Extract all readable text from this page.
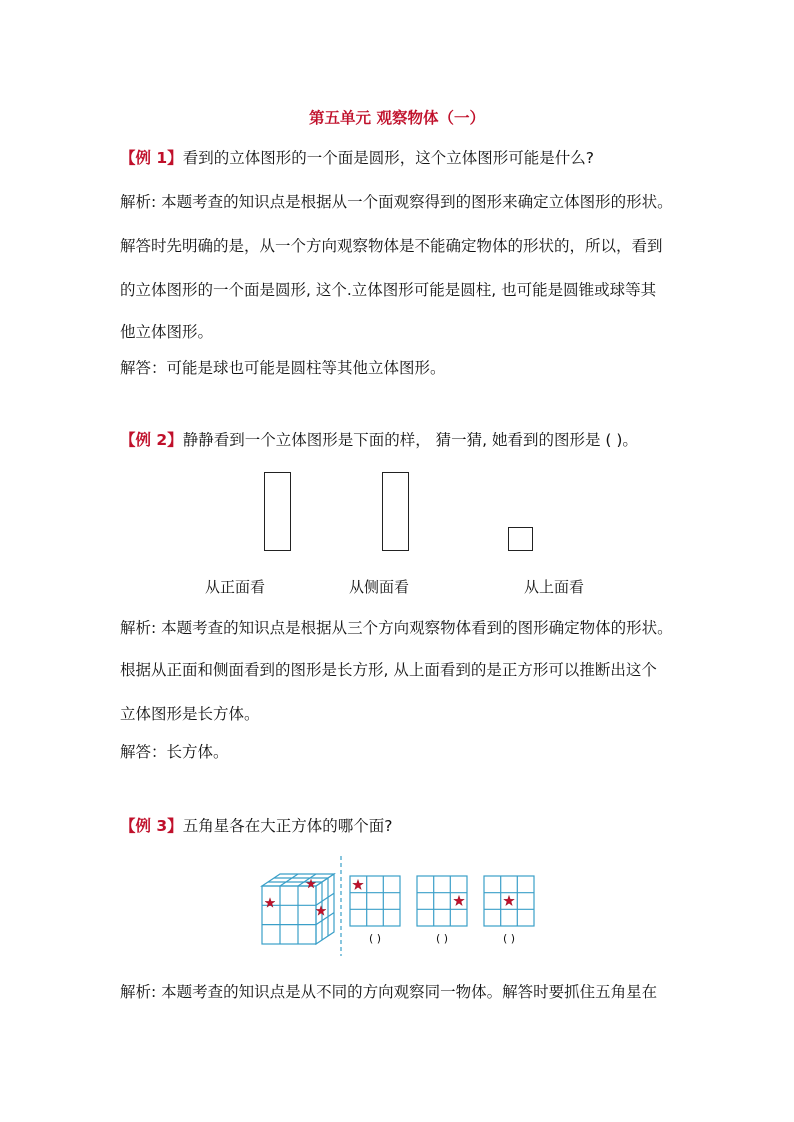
第五单元 观察物体（一）
【例 1】看到的立体图形的一个面是圆形，这个立体图形可能是什么?
解析: 本题考查的知识点是根据从一个面观察得到的图形来确定立体图形的形状。
解答时先明确的是，从一个方向观察物体是不能确定物体的形状的，所以，看到
的立体图形的一个面是圆形, 这个.立体图形可能是圆柱, 也可能是圆锥或球等其
他立体图形。
解答：可能是球也可能是圆柱等其他立体图形。
【例 2】静静看到一个立体图形是下面的样， 猜一猜, 她看到的图形是 ( )。
从正面看	从侧面看	从上面看
解析: 本题考查的知识点是根据从三个方向观察物体看到的图形确定物体的形状。
根据从正面和侧面看到的图形是长方形, 从上面看到的是正方形可以推断出这个
立体图形是长方体。
解答：长方体。
【例 3】五角星各在大正方体的哪个面?
( )	( )	( )
解析: 本题考查的知识点是从不同的方向观察同一物体。解答时要抓住五角星在
